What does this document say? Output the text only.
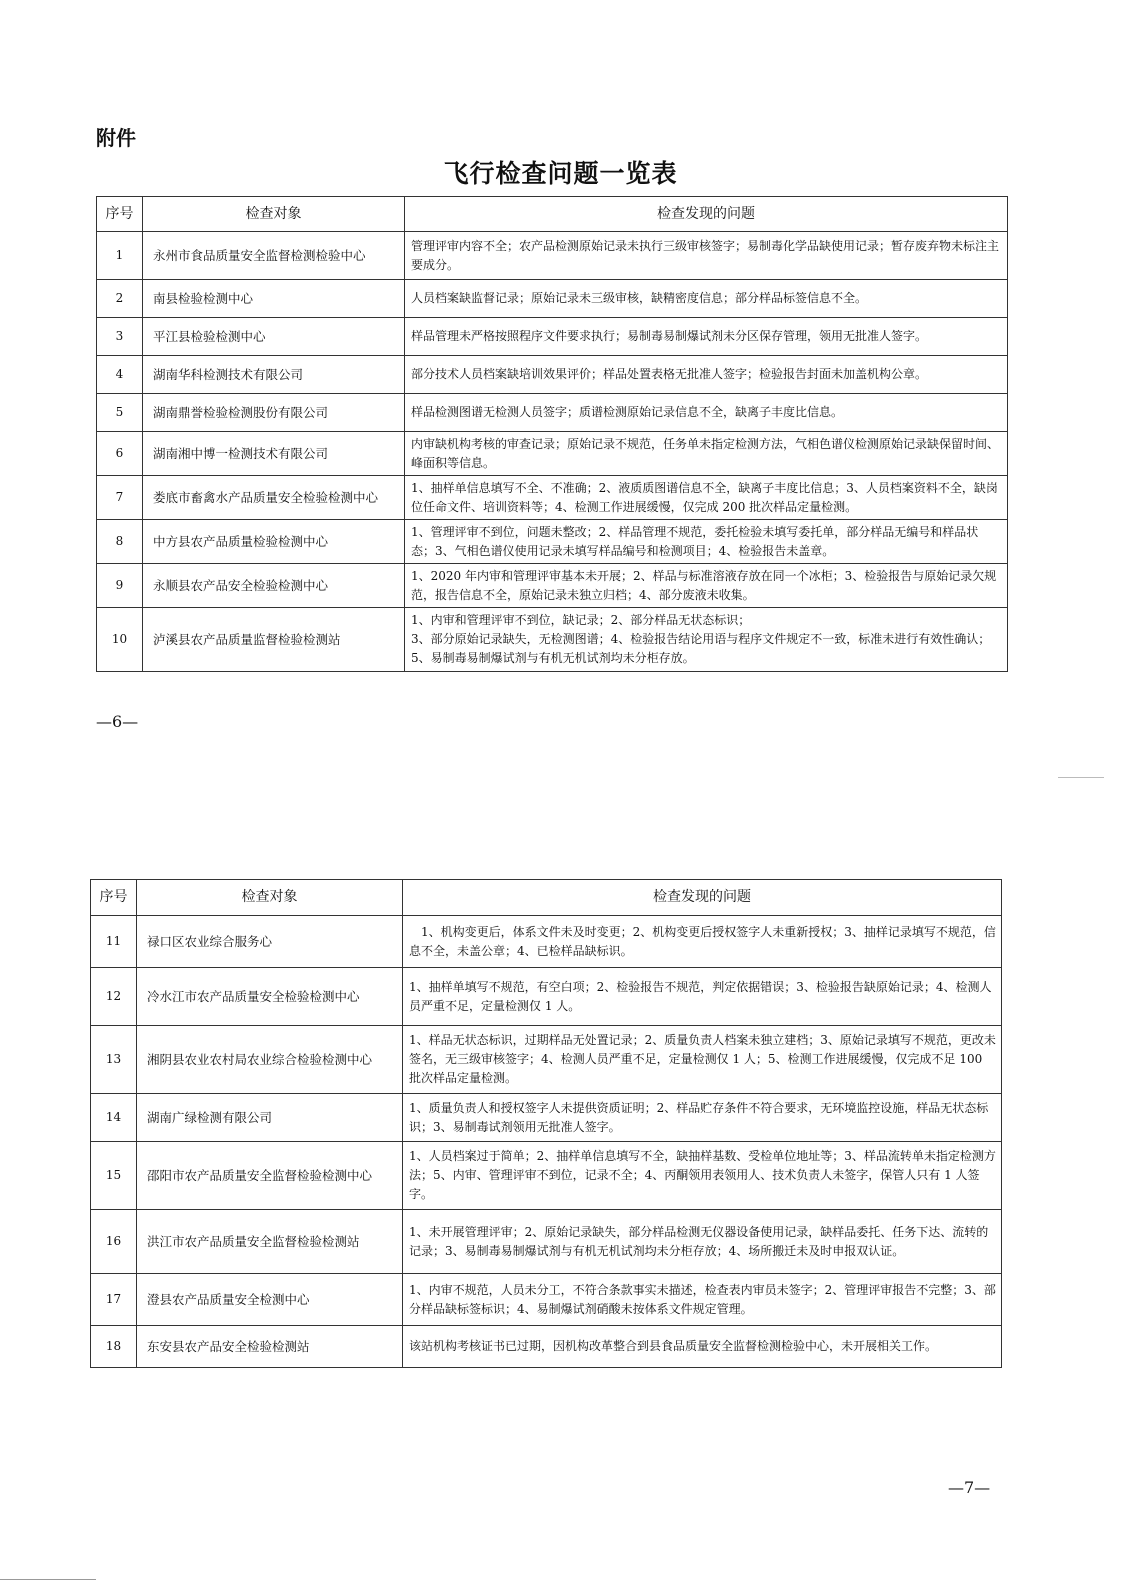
附件
飞行检查问题一览表
序号	检查对象	检查发现的问题
1	永州市食品质量安全监督检测检验中心	管理评审内容不全；农产品检测原始记录未执行三级审核签字；易制毒化学品缺使用记录；暂存废弃物未标注主要成分。
2	南县检验检测中心	人员档案缺监督记录；原始记录未三级审核，缺精密度信息；部分样品标签信息不全。
3	平江县检验检测中心	样品管理未严格按照程序文件要求执行；易制毒易制爆试剂未分区保存管理，领用无批准人签字。
4	湖南华科检测技术有限公司	部分技术人员档案缺培训效果评价；样品处置表格无批准人签字；检验报告封面未加盖机构公章。
5	湖南鼎誉检验检测股份有限公司	样品检测图谱无检测人员签字；质谱检测原始记录信息不全，缺离子丰度比信息。
6	湖南湘中博一检测技术有限公司	内审缺机构考核的审查记录；原始记录不规范，任务单未指定检测方法，气相色谱仪检测原始记录缺保留时间、峰面积等信息。
7	娄底市畜禽水产品质量安全检验检测中心	1、抽样单信息填写不全、不准确；2、液质质图谱信息不全，缺离子丰度比信息；3、人员档案资料不全，缺岗位任命文件、培训资料等；4、检测工作进展缓慢，仅完成 200 批次样品定量检测。
8	中方县农产品质量检验检测中心	1、管理评审不到位，问题未整改；2、样品管理不规范，委托检验未填写委托单，部分样品无编号和样品状态；3、气相色谱仪使用记录未填写样品编号和检测项目；4、检验报告未盖章。
9	永顺县农产品安全检验检测中心	1、2020 年内审和管理评审基本未开展；2、样品与标准溶液存放在同一个冰柜；3、检验报告与原始记录欠规范，报告信息不全，原始记录未独立归档；4、部分废液未收集。
10	泸溪县农产品质量监督检验检测站	1、内审和管理评审不到位，缺记录；2、部分样品无状态标识；
3、部分原始记录缺失，无检测图谱；4、检验报告结论用语与程序文件规定不一致，标准未进行有效性确认；5、易制毒易制爆试剂与有机无机试剂均未分柜存放。
—6—
序号	检查对象	检查发现的问题
11	禄口区农业综合服务心	　1、机构变更后，体系文件未及时变更；2、机构变更后授权签字人未重新授权；3、抽样记录填写不规范，信息不全，未盖公章；4、已检样品缺标识。
12	冷水江市农产品质量安全检验检测中心	1、抽样单填写不规范，有空白项；2、检验报告不规范，判定依据错误；3、检验报告缺原始记录；4、检测人员严重不足，定量检测仅 1 人。
13	湘阴县农业农村局农业综合检验检测中心	1、样品无状态标识，过期样品无处置记录；2、质量负责人档案未独立建档；3、原始记录填写不规范，更改未签名，无三级审核签字；4、检测人员严重不足，定量检测仅 1 人；5、检测工作进展缓慢，仅完成不足 100 批次样品定量检测。
14	湖南广绿检测有限公司	1、质量负责人和授权签字人未提供资质证明；2、样品贮存条件不符合要求，无环境监控设施，样品无状态标识；3、易制毒试剂领用无批准人签字。
15	邵阳市农产品质量安全监督检验检测中心	1、人员档案过于简单；2、抽样单信息填写不全，缺抽样基数、受检单位地址等；3、样品流转单未指定检测方法；5、内审、管理评审不到位，记录不全；4、丙酮领用表领用人、技术负责人未签字，保管人只有 1 人签字。
16	洪江市农产品质量安全监督检验检测站	1、未开展管理评审；2、原始记录缺失，部分样品检测无仪器设备使用记录，缺样品委托、任务下达、流转的记录；3、易制毒易制爆试剂与有机无机试剂均未分柜存放；4、场所搬迁未及时申报双认证。
17	澄县农产品质量安全检测中心	1、内审不规范，人员未分工，不符合条款事实未描述，检查表内审员未签字；2、管理评审报告不完整；3、部分样品缺标签标识；4、易制爆试剂硝酸未按体系文件规定管理。
18	东安县农产品安全检验检测站	该站机构考核证书已过期，因机构改革整合到县食品质量安全监督检测检验中心，未开展相关工作。
—7—
